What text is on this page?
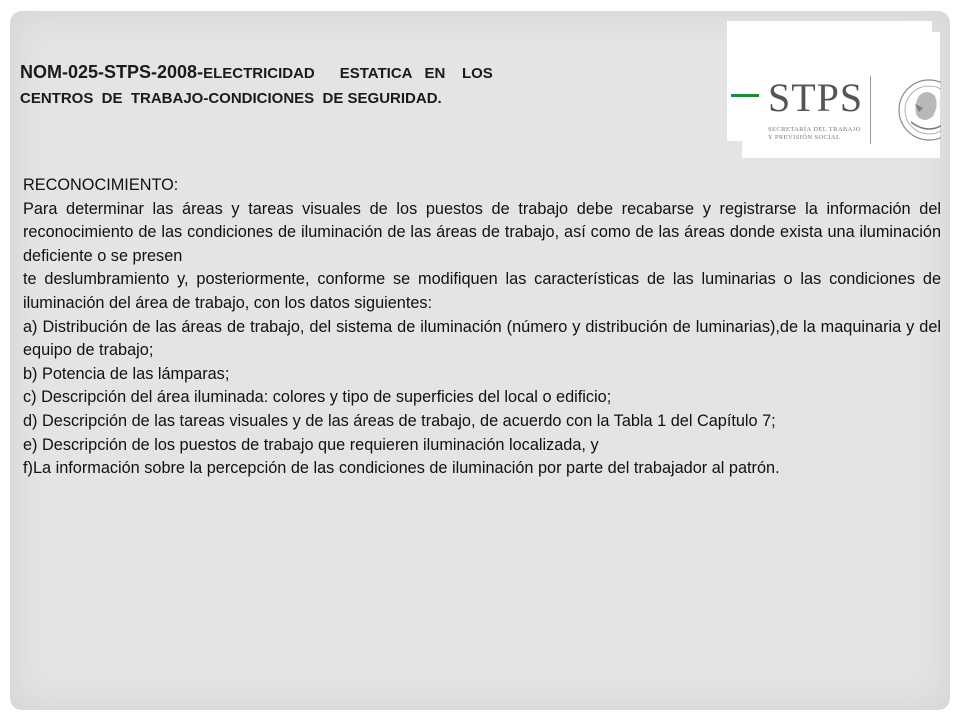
NOM-025-STPS-2008-ELECTRICIDAD      ESTATICA   EN    LOS
CENTROS  DE  TRABAJO-CONDICIONES  DE SEGURIDAD.	STPS
SECRETARÍA DEL TRABAJO
Y PREVISIÓN SOCIAL

RECONOCIMIENTO:

Para determinar las áreas y tareas visuales de los puestos de trabajo debe recabarse y registrarse la información del reconocimiento de las condiciones de iluminación de las áreas de trabajo, así como de las áreas donde exista una iluminación deficiente o se presen

te deslumbramiento y, posteriormente, conforme se modifiquen las características de las luminarias o las condiciones de iluminación del área de trabajo, con los datos siguientes:

a) Distribución de las áreas de trabajo, del sistema de iluminación (número y distribución de luminarias),de la maquinaria y del equipo de trabajo;

b) Potencia de las lámparas;

c) Descripción del área iluminada: colores y tipo de superficies del local o edificio;

d) Descripción de las tareas visuales y de las áreas de trabajo, de acuerdo con la Tabla 1 del Capítulo 7;

e) Descripción de los puestos de trabajo que requieren iluminación localizada, y

f)La información sobre la percepción de las condiciones de iluminación por parte del trabajador al patrón.
